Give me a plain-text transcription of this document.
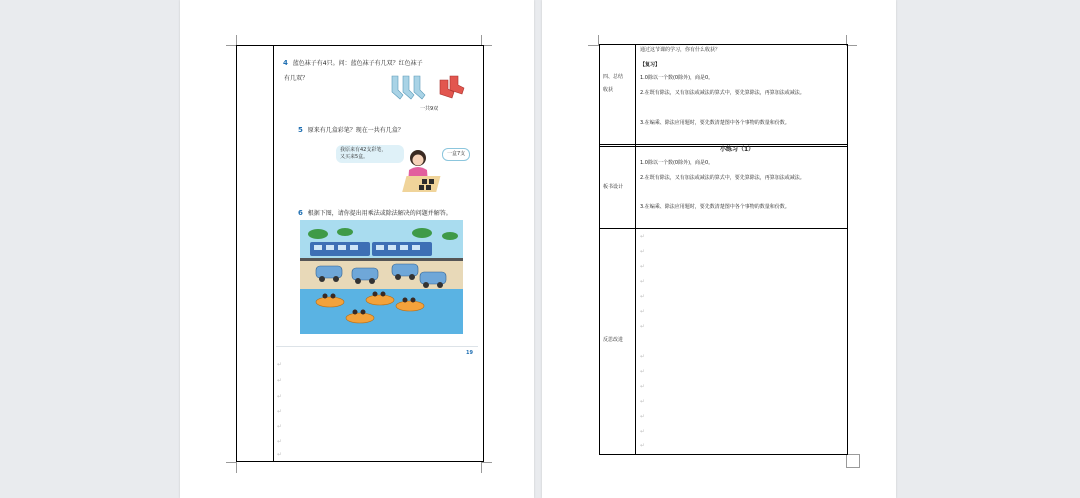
4 蓝色袜子有4只。问：蓝色袜子有几双？红色袜子
有几双？
一共9双
5 原来有几盒彩笔？现在一共有几盒？
我原来有42支彩笔，
又买来5盒。	一盒7支
6 根据下图，请你提出用乘法或除法解决的问题并解答。
19
↵
↵
↵
↵
↵
↵
↵
四、总结
收获
通过这节课的学习，你有什么收获？
【复习】
1.0除以一个数(0除外)，商是0。
2.在既有除法，又有加法或减法的算式中，要先算除法，再算加法或减法。
3.在编乘、除法应用题时，要先数清楚图中各个事物的数量和份数。
板书设计
小练习（1）
1.0除以一个数(0除外)，商是0。
2.在既有除法，又有加法或减法的算式中，要先算除法，再算加法或减法。
3.在编乘、除法应用题时，要先数清楚图中各个事物的数量和份数。
反思改进
↵
↵
↵
↵
↵
↵
↵
↵
↵
↵
↵
↵
↵
↵
